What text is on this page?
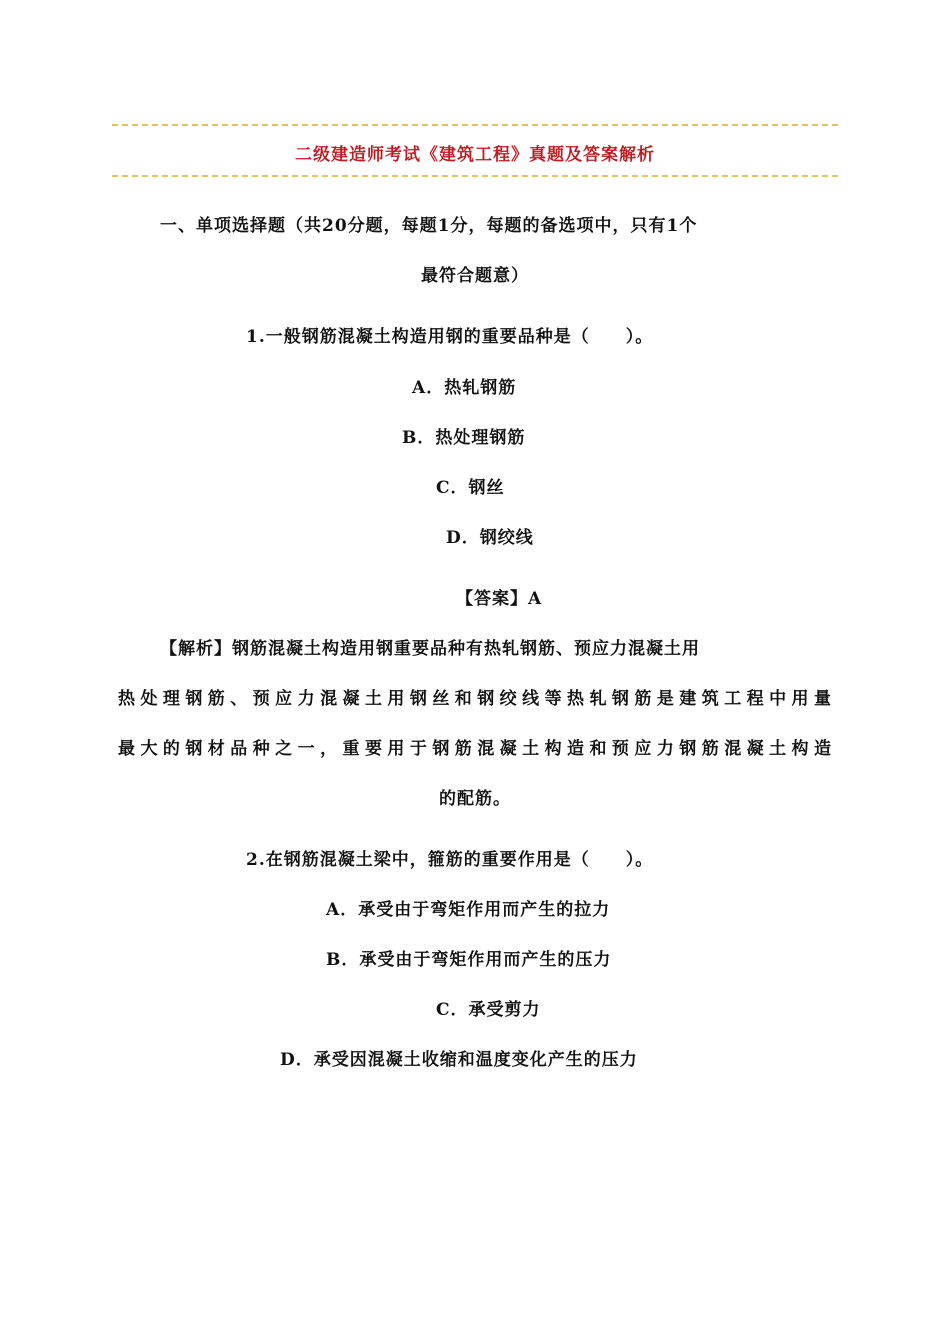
二级建造师考试《建筑工程》真题及答案解析
一、单项选择题（共20分题，每题1分，每题的备选项中，只有1个
最符合题意）
1.一般钢筋混凝土构造用钢的重要品种是（　　）。
A．热轧钢筋
B．热处理钢筋
C．钢丝
D．钢绞线
【答案】A
【解析】钢筋混凝土构造用钢重要品种有热轧钢筋、预应力混凝土用
热处理钢筋、预应力混凝土用钢丝和钢绞线等热轧钢筋是建筑工程中用量
最大的钢材品种之一，重要用于钢筋混凝土构造和预应力钢筋混凝土构造
的配筋。
2.在钢筋混凝土梁中，箍筋的重要作用是（　　）。
A．承受由于弯矩作用而产生的拉力
B．承受由于弯矩作用而产生的压力
C．承受剪力
D．承受因混凝土收缩和温度变化产生的压力
